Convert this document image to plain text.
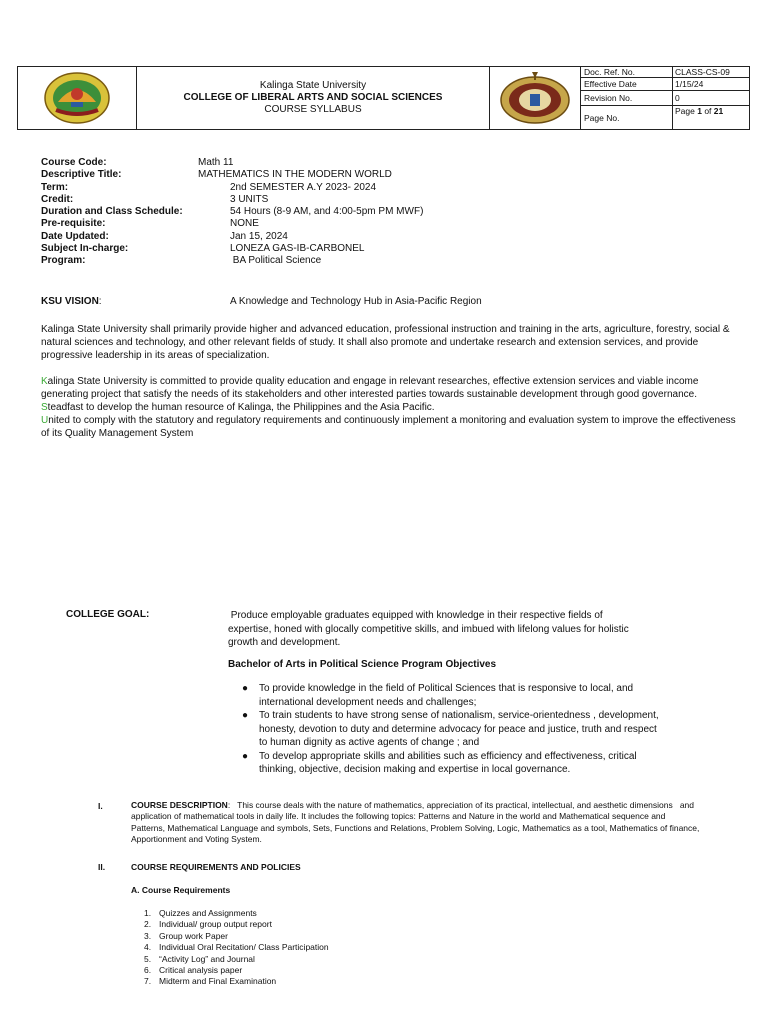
Kalinga State University
COLLEGE OF LIBERAL ARTS AND SOCIAL SCIENCES
COURSE SYLLABUS
Doc. Ref. No.	CLASS-CS-09
Effective Date	1/15/24
Revision No.	0
Page No.
Page 1 of 21
Course Code:	Math 11
Descriptive Title:	MATHEMATICS IN THE MODERN WORLD
Term:	2nd SEMESTER A.Y 2023- 2024
Credit:	3 UNITS
Duration and Class Schedule:	54 Hours (8-9 AM, and 4:00-5pm PM MWF)
Pre-requisite:	NONE
Date Updated:	Jan 15, 2024
Subject In-charge:	LONEZA GAS-IB-CARBONEL
Program:	BA Political Science
KSU VISION:	A Knowledge and Technology Hub in Asia-Pacific Region

Kalinga State University shall primarily provide higher and advanced education, professional instruction and training in the arts, agriculture, forestry, social & natural sciences and technology, and other relevant fields of study. It shall also promote and undertake research and extension services, and provide progressive leadership in its areas of specialization.

Kalinga State University is committed to provide quality education and engage in relevant researches, effective extension services and viable income generating project that satisfy the needs of its stakeholders and other interested parties towards sustainable development through good governance.

Steadfast to develop the human resource of Kalinga, the Philippines and the Asia Pacific.

United to comply with the statutory and regulatory requirements and continuously implement a monitoring and evaluation system to improve the effectiveness of its Quality Management System

COLLEGE GOAL:	Produce employable graduates equipped with knowledge in their respective fields of expertise, honed with glocally competitive skills, and imbued with lifelong values for holistic growth and development.
Bachelor of Arts in Political Science Program Objectives
● To provide knowledge in the field of Political Sciences that is responsive to local, and international development needs and challenges;
● To train students to have strong sense of nationalism, service-orientedness , development, honesty, devotion to duty and determine advocacy for peace and justice, truth and respect to human dignity as active agents of change ; and
● To develop appropriate skills and abilities such as efficiency and effectiveness, critical thinking, objective, decision making and expertise in local governance.
I.	COURSE DESCRIPTION:   This course deals with the nature of mathematics, appreciation of its practical, intellectual, and aesthetic dimensions   and application of mathematical tools in daily life. It includes the following topics: Patterns and Nature in the world and Mathematical sequence and Patterns, Mathematical Language and symbols, Sets, Functions and Relations, Problem Solving, Logic, Mathematics as a tool, Mathematics of finance, Apportionment and Voting System.
II.	COURSE REQUIREMENTS AND POLICIES
A. Course Requirements
1. Quizzes and Assignments
2. Individual/ group output report
3. Group work Paper
4. Individual Oral Recitation/ Class Participation
5. “Activity Log” and Journal
6. Critical analysis paper
7. Midterm and Final Examination
